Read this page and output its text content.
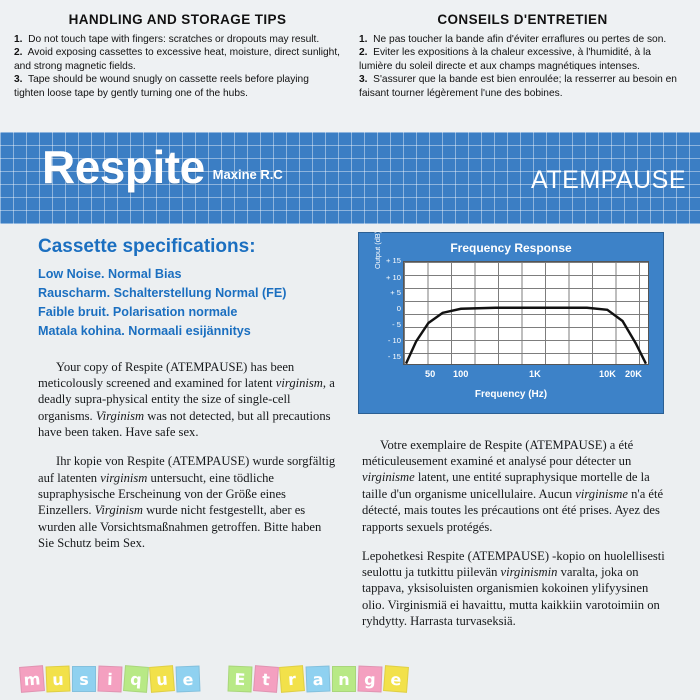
HANDLING AND STORAGE TIPS
1. Do not touch tape with fingers: scratches or dropouts may result.
2. Avoid exposing cassettes to excessive heat, moisture, direct sunlight, and strong magnetic fields.
3. Tape should be wound snugly on cassette reels before playing tighten loose tape by gently turning one of the hubs.
CONSEILS D'ENTRETIEN
1. Ne pas toucher la bande afin d'éviter erraflures ou pertes de son.
2. Eviter les expositions à la chaleur excessive, à l'humidité, à la lumière du soleil directe et aux champs magnétiques intenses.
3. S'assurer que la bande est bien enroulée; la resserrer au besoin en faisant tourner légèrement l'une des bobines.
Respite Maxine R.C	ATEMPAUSE
Cassette specifications:
Low Noise. Normal Bias
Rauscharm. Schalterstellung Normal (FE)
Faible bruit. Polarisation normale
Matala kohina. Normaali esijännitys
Frequency Response
Output (dB) + 15
+ 10
+ 5
0
- 5
- 10
- 15
50 100	1K	10K 20K
Frequency (Hz)

Your copy of Respite (ATEMPAUSE) has been meticolously screened and examined for latent virginism, a deadly supra-physical entity the size of single-cell organisms. Virginism was not detected, but all precautions have been taken. Have safe sex.

Ihr kopie von Respite (ATEMPAUSE) wurde sorgfältig auf latenten virginism untersucht, eine tödliche supraphysische Erscheinung von der Größe eines Einzellers. Virginism wurde nicht festgestellt, aber es wurden alle Vorsichtsmaßnahmen getroffen. Bitte haben Sie Schutz beim Sex.

Votre exemplaire de Respite (ATEMPAUSE) a été méticuleusement examiné et analysé pour détecter un virginisme latent, une entité supraphysique mortelle de la taille d'un organisme unicellulaire. Aucun virginisme n'a été détecté, mais toutes les précautions ont été prises. Ayez des rapports sexuels protégés.

Lepohetkesi Respite (ATEMPAUSE) -kopio on huolellisesti seulottu ja tutkittu piilevän virginismin varalta, joka on tappava, yksisoluisten organismien kokoinen ylifyysinen olio. Virginismiä ei havaittu, mutta kaikkiin varotoimiin on ryhdytty. Harrasta turvaseksiä.

m u s	i	q u e	E t	r a n g e
